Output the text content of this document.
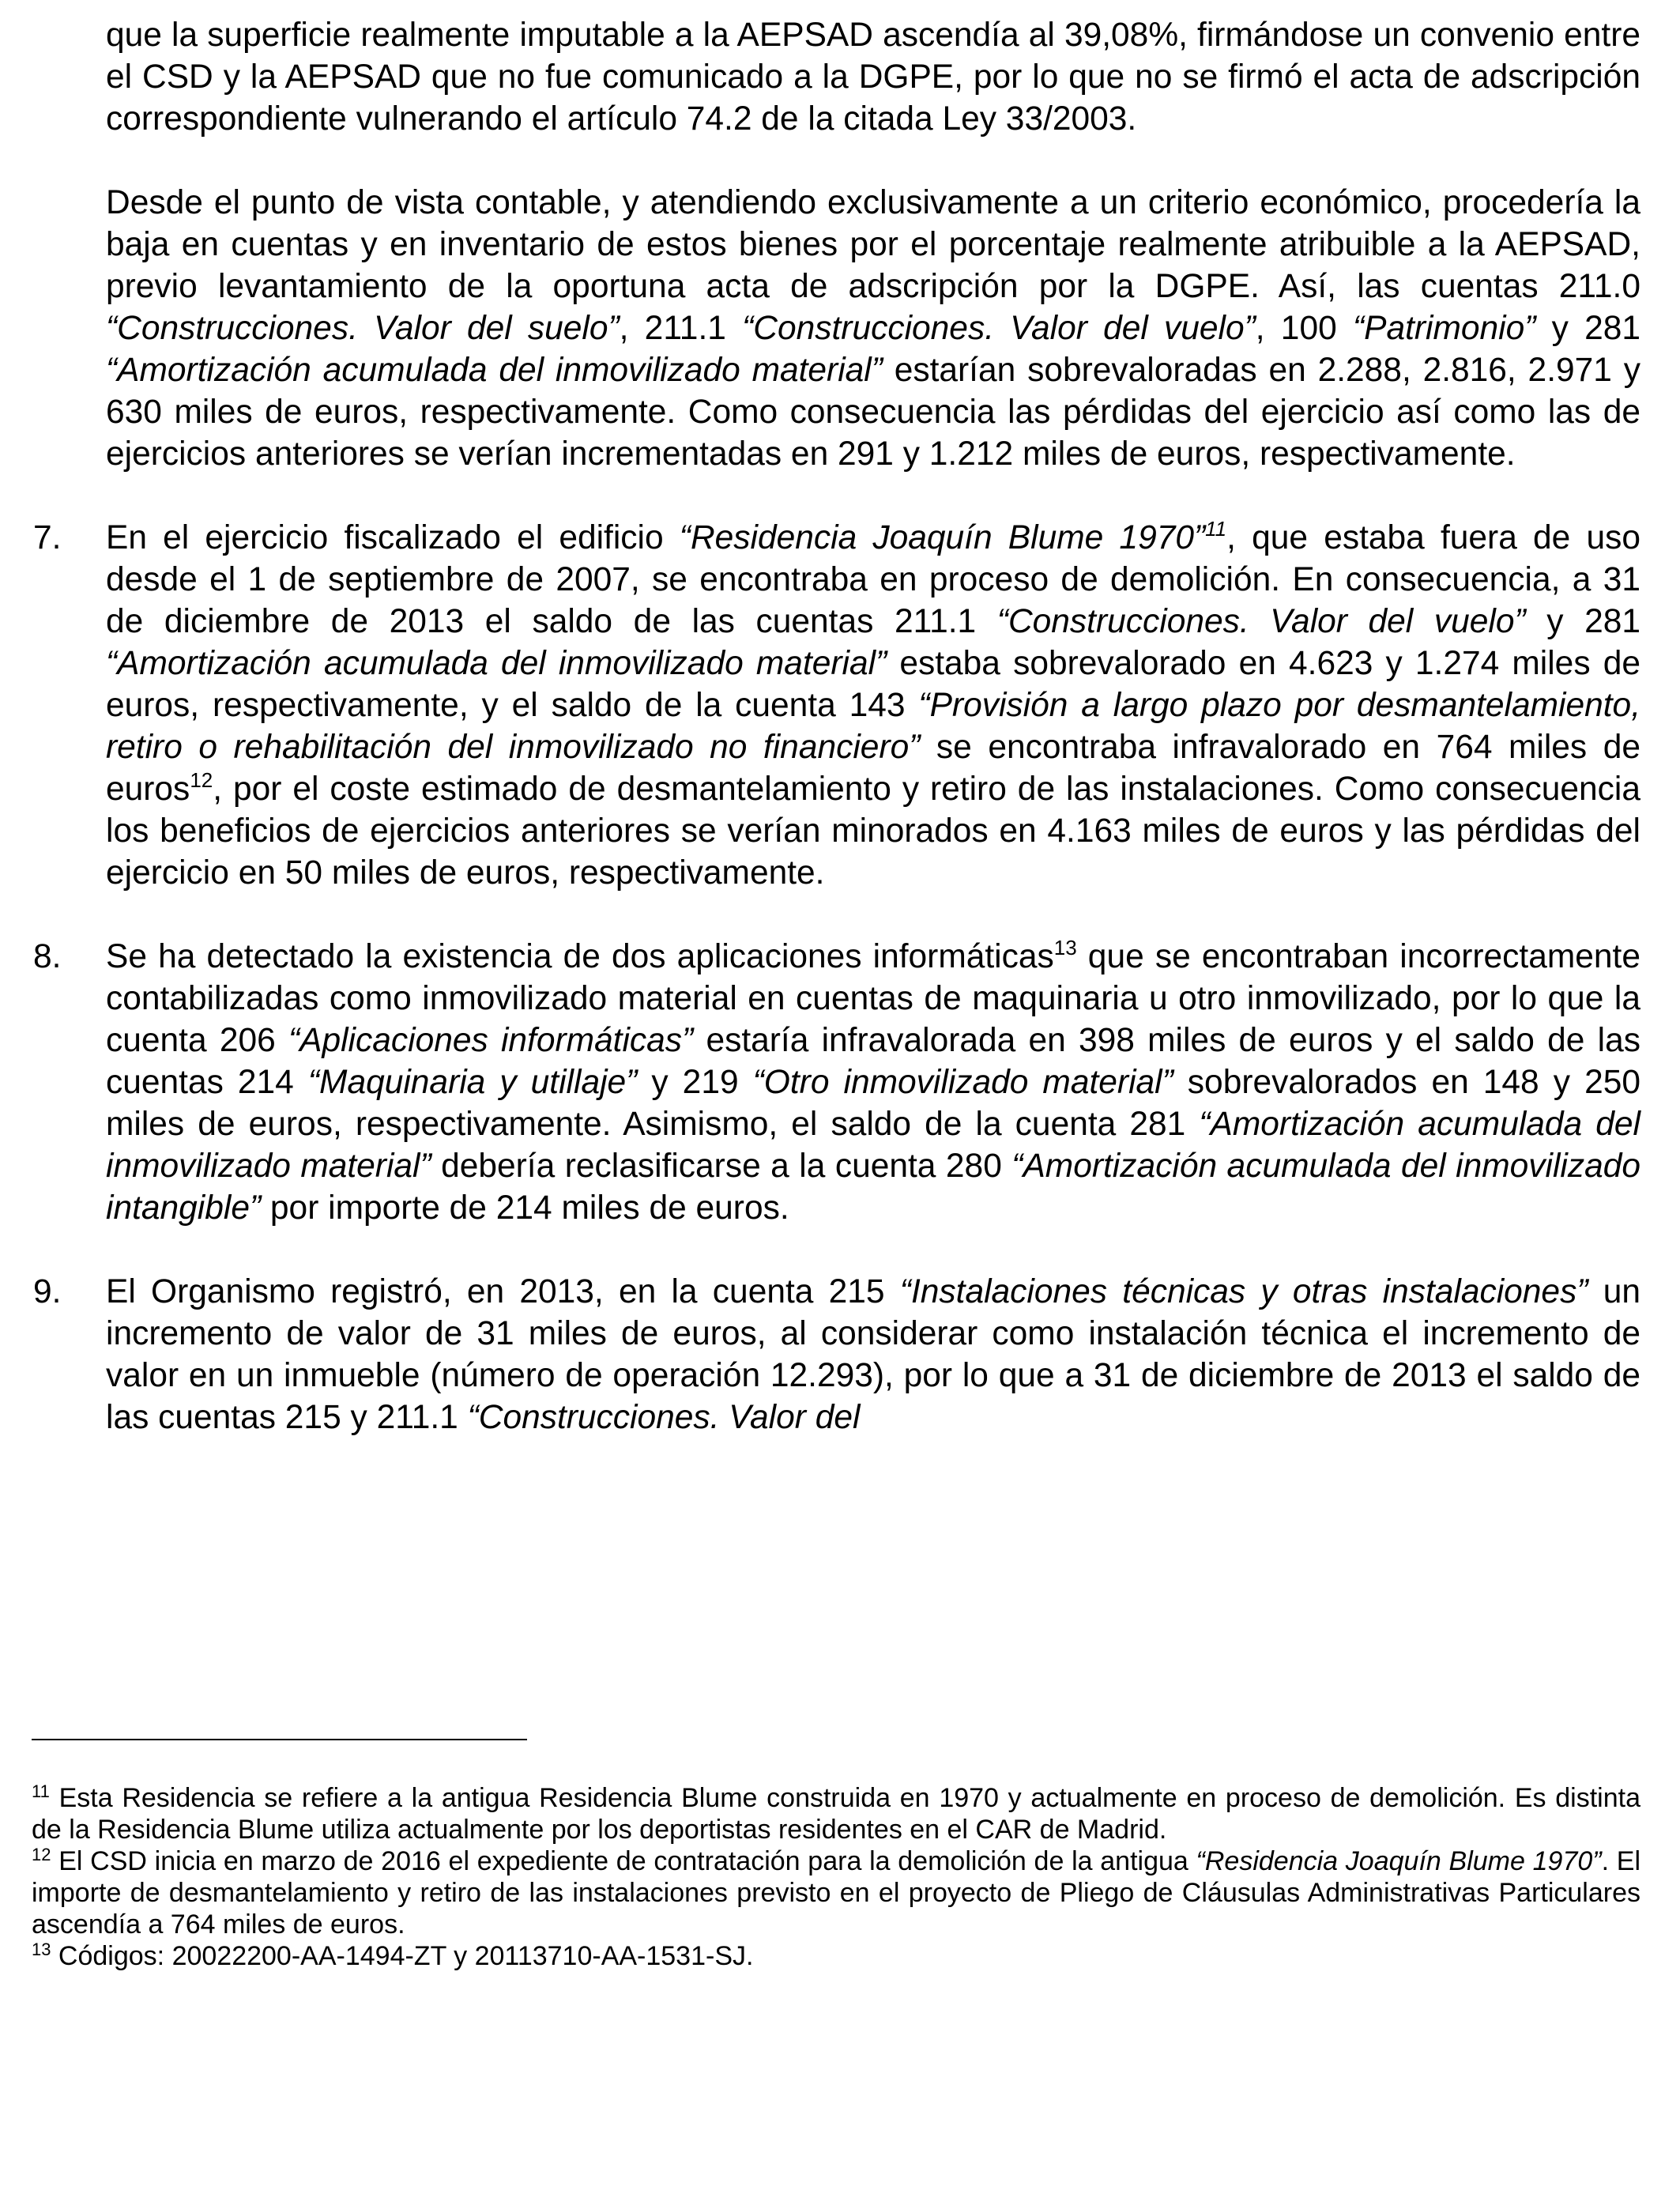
que la superficie realmente imputable a la AEPSAD ascendía al 39,08%, firmándose un convenio entre el CSD y la AEPSAD que no fue comunicado a la DGPE, por lo que no se firmó el acta de adscripción correspondiente vulnerando el artículo 74.2 de la citada Ley 33/2003.

Desde el punto de vista contable, y atendiendo exclusivamente a un criterio económico, procedería la baja en cuentas y en inventario de estos bienes por el porcentaje realmente atribuible a la AEPSAD, previo levantamiento de la oportuna acta de adscripción por la DGPE. Así, las cuentas 211.0 “Construcciones. Valor del suelo”, 211.1 “Construcciones. Valor del vuelo”, 100 “Patrimonio” y 281 “Amortización acumulada del inmovilizado material” estarían sobrevaloradas en 2.288, 2.816, 2.971 y 630 miles de euros, respectivamente. Como consecuencia las pérdidas del ejercicio así como las de ejercicios anteriores se verían incrementadas en 291 y 1.212 miles de euros, respectivamente.

7. En el ejercicio fiscalizado el edificio “Residencia Joaquín Blume 1970”$^{11}$, que estaba fuera de uso desde el 1 de septiembre de 2007, se encontraba en proceso de demolición. En consecuencia, a 31 de diciembre de 2013 el saldo de las cuentas 211.1 “Construcciones. Valor del vuelo” y 281 “Amortización acumulada del inmovilizado material” estaba sobrevalorado en 4.623 y 1.274 miles de euros, respectivamente, y el saldo de la cuenta 143 “Provisión a largo plazo por desmantelamiento, retiro o rehabilitación del inmovilizado no financiero” se encontraba infravalorado en 764 miles de euros$^{12}$, por el coste estimado de desmantelamiento y retiro de las instalaciones. Como consecuencia los beneficios de ejercicios anteriores se verían minorados en 4.163 miles de euros y las pérdidas del ejercicio en 50 miles de euros, respectivamente.

8. Se ha detectado la existencia de dos aplicaciones informáticas$^{13}$ que se encontraban incorrectamente contabilizadas como inmovilizado material en cuentas de maquinaria u otro inmovilizado, por lo que la cuenta 206 “Aplicaciones informáticas” estaría infravalorada en 398 miles de euros y el saldo de las cuentas 214 “Maquinaria y utillaje” y 219 “Otro inmovilizado material” sobrevalorados en 148 y 250 miles de euros, respectivamente. Asimismo, el saldo de la cuenta 281 “Amortización acumulada del inmovilizado material” debería reclasificarse a la cuenta 280 “Amortización acumulada del inmovilizado intangible” por importe de 214 miles de euros.

9. El Organismo registró, en 2013, en la cuenta 215 “Instalaciones técnicas y otras instalaciones” un incremento de valor de 31 miles de euros, al considerar como instalación técnica el incremento de valor en un inmueble (número de operación 12.293), por lo que a 31 de diciembre de 2013 el saldo de las cuentas 215 y 211.1 “Construcciones. Valor del

$^{11}$ Esta Residencia se refiere a la antigua Residencia Blume construida en 1970 y actualmente en proceso de demolición. Es distinta de la Residencia Blume utiliza actualmente por los deportistas residentes en el CAR de Madrid.

$^{12}$ El CSD inicia en marzo de 2016 el expediente de contratación para la demolición de la antigua “Residencia Joaquín Blume 1970”. El importe de desmantelamiento y retiro de las instalaciones previsto en el proyecto de Pliego de Cláusulas Administrativas Particulares ascendía a 764 miles de euros.

$^{13}$ Códigos: 20022200-AA-1494-ZT y 20113710-AA-1531-SJ.
